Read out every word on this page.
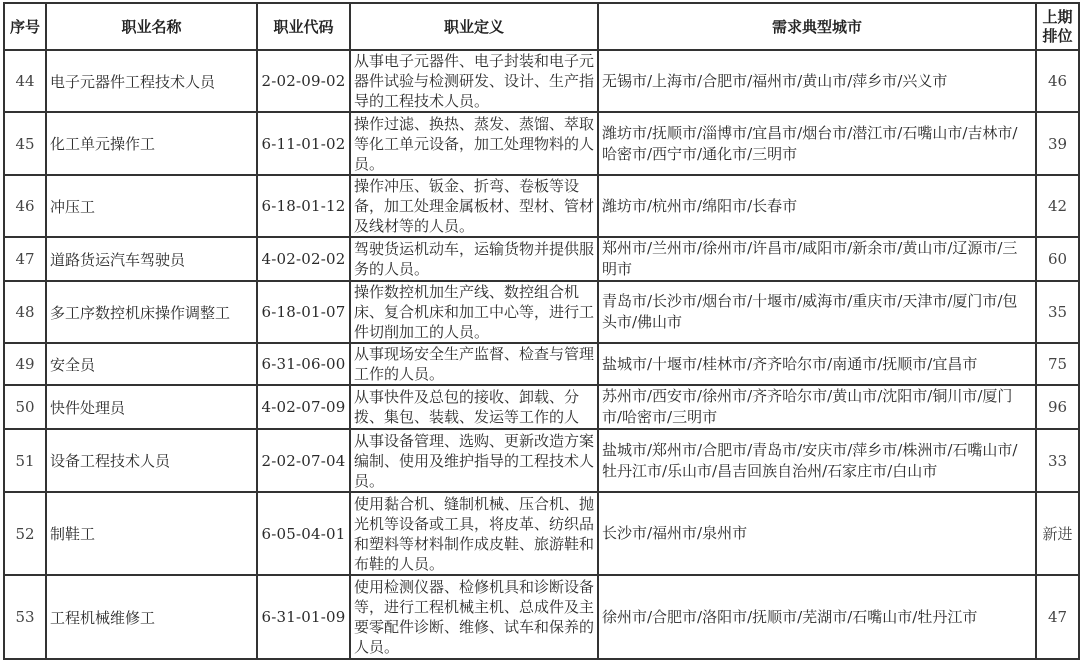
序号	职业名称	职业代码	职业定义	需求典型城市	上期排位
44	电子元器件工程技术人员	2-02-09-02	从事电子元器件、电子封装和电子元器件试验与检测研发、设计、生产指导的工程技术人员。	无锡市/上海市/合肥市/福州市/黄山市/萍乡市/兴义市	46
45	化工单元操作工	6-11-01-02	操作过滤、换热、蒸发、蒸馏、萃取等化工单元设备，加工处理物料的人员。	潍坊市/抚顺市/淄博市/宜昌市/烟台市/潜江市/石嘴山市/吉林市/哈密市/西宁市/通化市/三明市	39
46	冲压工	6-18-01-12	操作冲压、钣金、折弯、卷板等设备，加工处理金属板材、型材、管材及线材等的人员。	潍坊市/杭州市/绵阳市/长春市	42
47	道路货运汽车驾驶员	4-02-02-02	驾驶货运机动车，运输货物并提供服务的人员。	郑州市/兰州市/徐州市/许昌市/咸阳市/新余市/黄山市/辽源市/三明市	60
48	多工序数控机床操作调整工	6-18-01-07	操作数控机加生产线、数控组合机床、复合机床和加工中心等，进行工件切削加工的人员。	青岛市/长沙市/烟台市/十堰市/威海市/重庆市/天津市/厦门市/包头市/佛山市	35
49	安全员	6-31-06-00	从事现场安全生产监督、检查与管理工作的人员。	盐城市/十堰市/桂林市/齐齐哈尔市/南通市/抚顺市/宜昌市	75
50	快件处理员	4-02-07-09	从事快件及总包的接收、卸载、分拨、集包、装载、发运等工作的人	苏州市/西安市/徐州市/齐齐哈尔市/黄山市/沈阳市/铜川市/厦门市/哈密市/三明市	96
51	设备工程技术人员	2-02-07-04	从事设备管理、选购、更新改造方案编制、使用及维护指导的工程技术人员。	盐城市/郑州市/合肥市/青岛市/安庆市/萍乡市/株洲市/石嘴山市/牡丹江市/乐山市/昌吉回族自治州/石家庄市/白山市	33
52	制鞋工	6-05-04-01	使用黏合机、缝制机械、压合机、抛光机等设备或工具，将皮革、纺织品和塑料等材料制作成皮鞋、旅游鞋和布鞋的人员。	长沙市/福州市/泉州市	新进
53	工程机械维修工	6-31-01-09	使用检测仪器、检修机具和诊断设备等，进行工程机械主机、总成件及主要零配件诊断、维修、试车和保养的人员。	徐州市/合肥市/洛阳市/抚顺市/芜湖市/石嘴山市/牡丹江市	47
